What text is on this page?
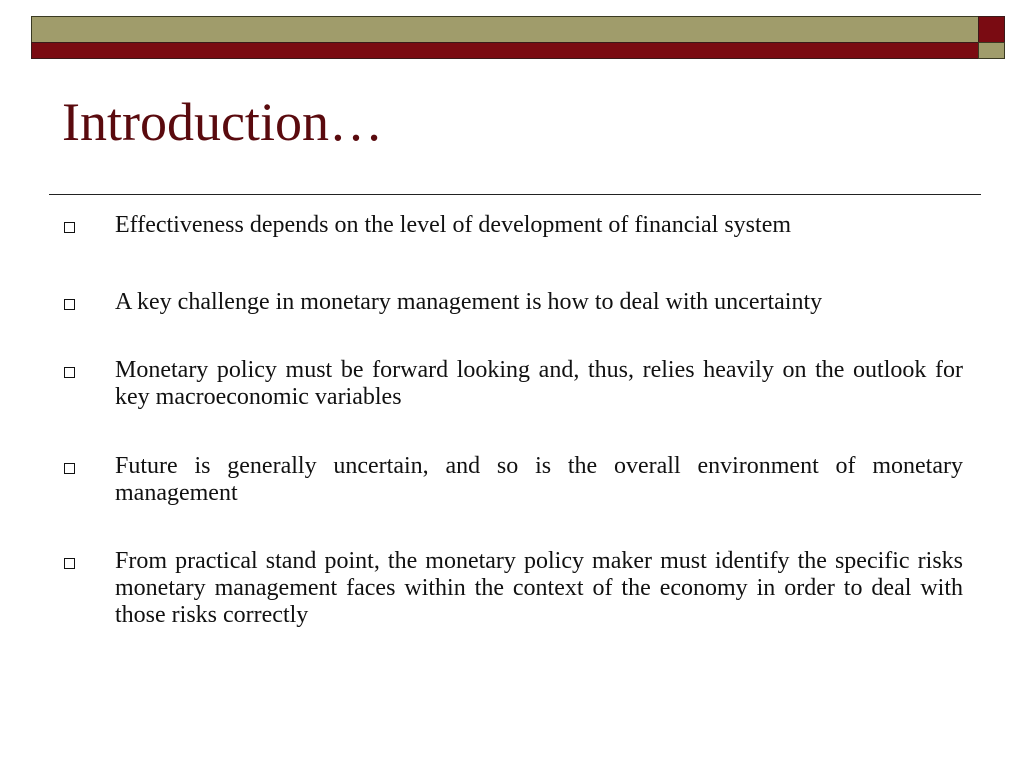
Introduction…
Effectiveness depends on the level of development of financial system
A key challenge in monetary management is how to deal with uncertainty
Monetary policy must be forward looking and, thus, relies heavily on the outlook for key macroeconomic variables
Future is generally uncertain, and so is the overall environment of monetary management
From practical stand point, the monetary policy maker must identify the specific risks monetary management faces within the context of the economy in order to deal with those risks correctly
